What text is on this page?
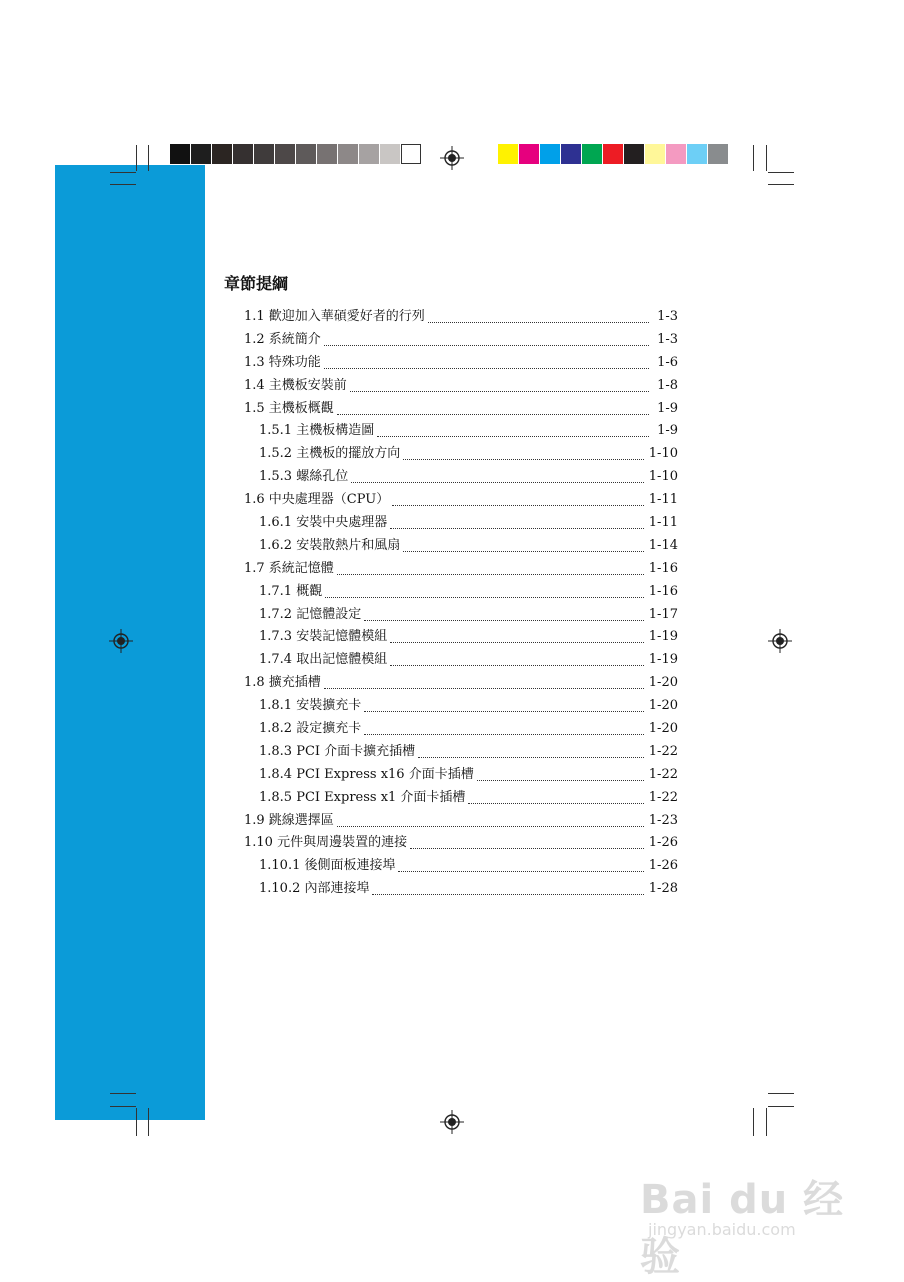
章節提綱
1.1 歡迎加入華碩愛好者的行列	1-3
1.2 系統簡介	1-3
1.3 特殊功能	1-6
1.4 主機板安裝前	1-8
1.5 主機板概觀	1-9
1.5.1 主機板構造圖	1-9
1.5.2 主機板的擺放方向	1-10
1.5.3 螺絲孔位	1-10
1.6 中央處理器（CPU）	1-11
1.6.1 安裝中央處理器	1-11
1.6.2 安裝散熱片和風扇	1-14
1.7 系統記憶體	1-16
1.7.1 概觀	1-16
1.7.2 記憶體設定	1-17
1.7.3 安裝記憶體模組	1-19
1.7.4 取出記憶體模組	1-19
1.8 擴充插槽	1-20
1.8.1 安裝擴充卡	1-20
1.8.2 設定擴充卡	1-20
1.8.3 PCI 介面卡擴充插槽	1-22
1.8.4 PCI Express x16 介面卡插槽	1-22
1.8.5 PCI Express x1 介面卡插槽	1-22
1.9 跳線選擇區	1-23
1.10 元件與周邊裝置的連接	1-26
1.10.1 後側面板連接埠	1-26
1.10.2 內部連接埠	1-28
Bai du 经验
jingyan.baidu.com
